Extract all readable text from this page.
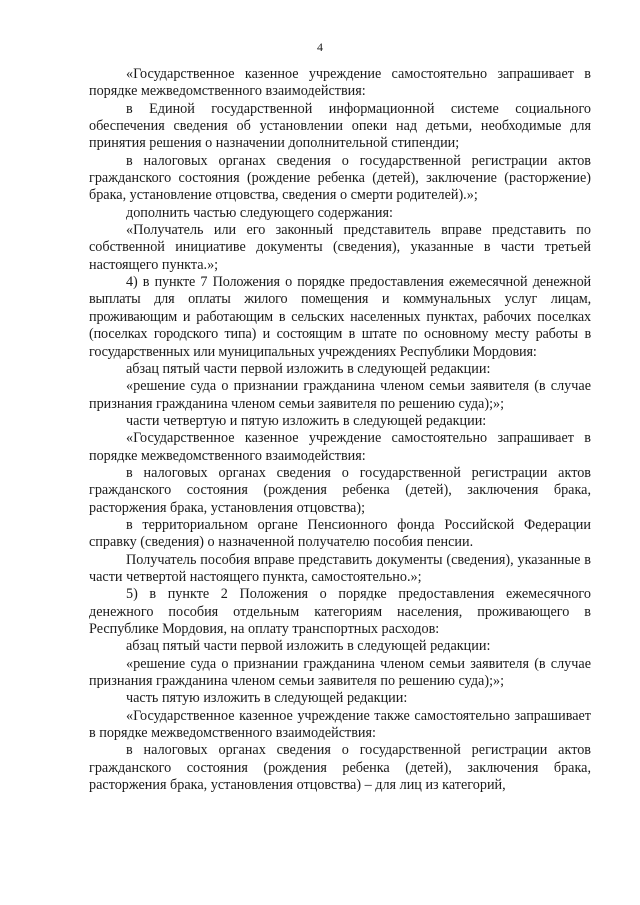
4

«Государственное казенное учреждение самостоятельно запрашивает в порядке межведомственного взаимодействия:

в Единой государственной информационной системе социального обеспечения сведения об установлении опеки над детьми, необходимые для принятия решения о назначении дополнительной стипендии;

в налоговых органах сведения о государственной регистрации актов гражданского состояния (рождение ребенка (детей), заключение (расторжение) брака, установление отцовства, сведения о смерти родителей).»;

дополнить частью следующего содержания:

«Получатель или его законный представитель вправе представить по собственной инициативе документы (сведения), указанные в части третьей настоящего пункта.»;

4) в пункте 7 Положения о порядке предоставления ежемесячной денежной выплаты для оплаты жилого помещения и коммунальных услуг лицам, проживающим и работающим в сельских населенных пунктах, рабочих поселках (поселках городского типа) и состоящим в штате по основному месту работы в государственных или муниципальных учреждениях Республики Мордовия:

абзац пятый части первой изложить в следующей редакции:

«решение суда о признании гражданина членом семьи заявителя (в случае признания гражданина членом семьи заявителя по решению суда);»;

части четвертую и пятую изложить в следующей редакции:

«Государственное казенное учреждение самостоятельно запрашивает в порядке межведомственного взаимодействия:

в налоговых органах сведения о государственной регистрации актов гражданского состояния (рождения ребенка (детей), заключения брака, расторжения брака, установления отцовства);

в территориальном органе Пенсионного фонда Российской Федерации справку (сведения) о назначенной получателю пособия пенсии.

Получатель пособия вправе представить документы (сведения), указанные в части четвертой настоящего пункта, самостоятельно.»;

5) в пункте 2 Положения о порядке предоставления ежемесячного денежного пособия отдельным категориям населения, проживающего в Республике Мордовия, на оплату транспортных расходов:

абзац пятый части первой изложить в следующей редакции:

«решение суда о признании гражданина членом семьи заявителя (в случае признания гражданина членом семьи заявителя по решению суда);»;

часть пятую изложить в следующей редакции:

«Государственное казенное учреждение также самостоятельно запрашивает в порядке межведомственного взаимодействия:

в налоговых органах сведения о государственной регистрации актов гражданского состояния (рождения ребенка (детей), заключения брака, расторжения брака, установления отцовства) – для лиц из категорий,
